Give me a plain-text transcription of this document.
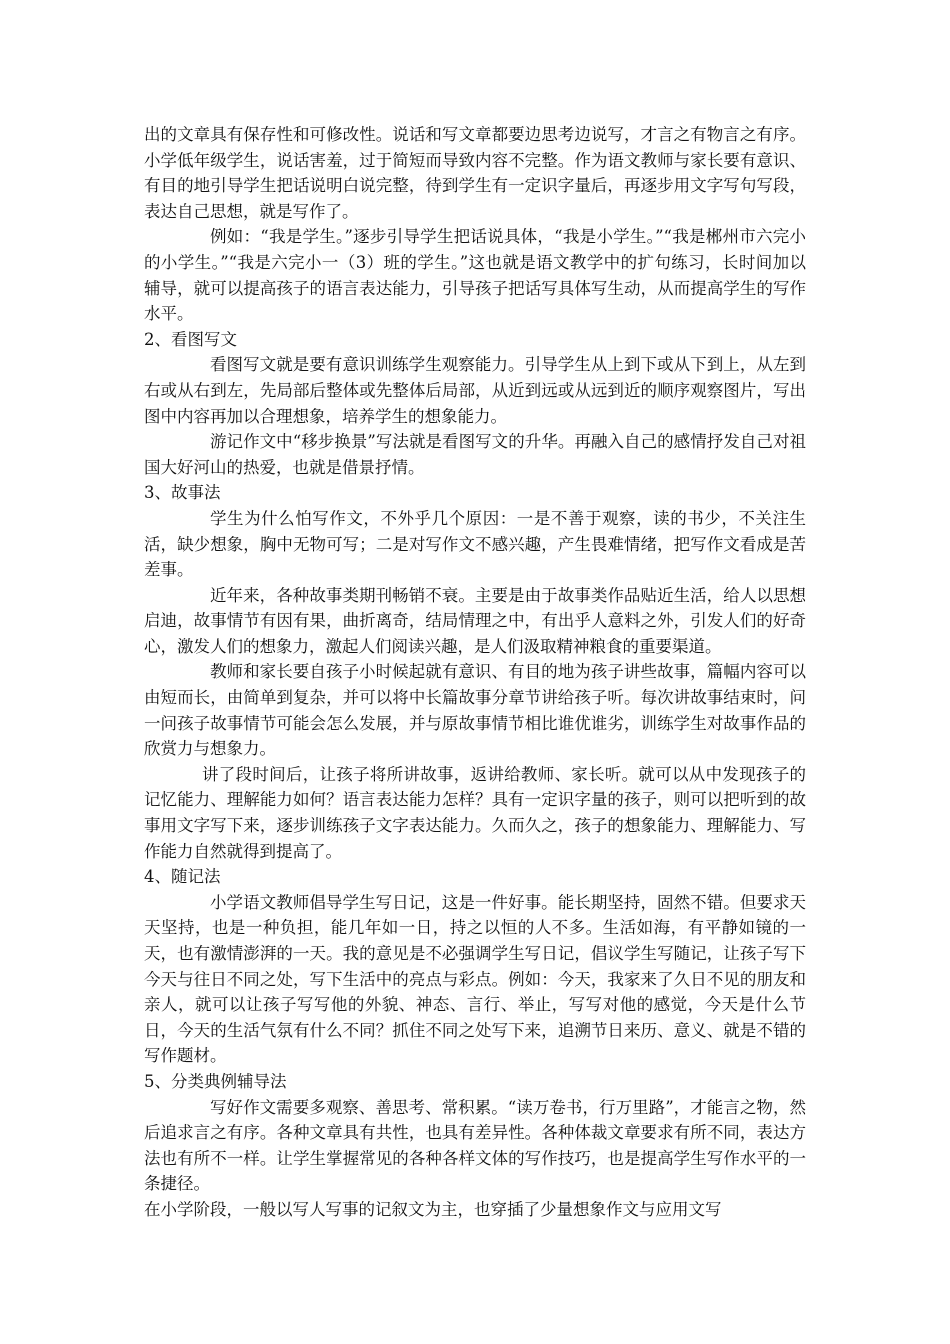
出的文章具有保存性和可修改性。说话和写文章都要边思考边说写，才言之有物言之有序。小学低年级学生，说话害羞，过于简短而导致内容不完整。作为语文教师与家长要有意识、有目的地引导学生把话说明白说完整，待到学生有一定识字量后，再逐步用文字写句写段，表达自己思想，就是写作了。

例如：“我是学生。”逐步引导学生把话说具体，“我是小学生。”“我是郴州市六完小的小学生。”“我是六完小一（3）班的学生。”这也就是语文教学中的扩句练习，长时间加以辅导，就可以提高孩子的语言表达能力，引导孩子把话写具体写生动，从而提高学生的写作水平。

2、看图写文

看图写文就是要有意识训练学生观察能力。引导学生从上到下或从下到上，从左到右或从右到左，先局部后整体或先整体后局部，从近到远或从远到近的顺序观察图片，写出图中内容再加以合理想象，培养学生的想象能力。

游记作文中“移步换景”写法就是看图写文的升华。再融入自己的感情抒发自己对祖国大好河山的热爱，也就是借景抒情。

3、故事法

学生为什么怕写作文，不外乎几个原因：一是不善于观察，读的书少，不关注生活，缺少想象，胸中无物可写；二是对写作文不感兴趣，产生畏难情绪，把写作文看成是苦差事。

近年来，各种故事类期刊畅销不衰。主要是由于故事类作品贴近生活，给人以思想启迪，故事情节有因有果，曲折离奇，结局情理之中，有出乎人意料之外，引发人们的好奇心，激发人们的想象力，激起人们阅读兴趣，是人们汲取精神粮食的重要渠道。

教师和家长要自孩子小时候起就有意识、有目的地为孩子讲些故事，篇幅内容可以由短而长，由简单到复杂，并可以将中长篇故事分章节讲给孩子听。每次讲故事结束时，问一问孩子故事情节可能会怎么发展，并与原故事情节相比谁优谁劣，训练学生对故事作品的欣赏力与想象力。

讲了段时间后，让孩子将所讲故事，返讲给教师、家长听。就可以从中发现孩子的记忆能力、理解能力如何？语言表达能力怎样？具有一定识字量的孩子，则可以把听到的故事用文字写下来，逐步训练孩子文字表达能力。久而久之，孩子的想象能力、理解能力、写作能力自然就得到提高了。

4、随记法

小学语文教师倡导学生写日记，这是一件好事。能长期坚持，固然不错。但要求天天坚持，也是一种负担，能几年如一日，持之以恒的人不多。生活如海，有平静如镜的一天，也有激情澎湃的一天。我的意见是不必强调学生写日记，倡议学生写随记，让孩子写下今天与往日不同之处，写下生活中的亮点与彩点。例如：今天，我家来了久日不见的朋友和亲人，就可以让孩子写写他的外貌、神态、言行、举止，写写对他的感觉，今天是什么节日，今天的生活气氛有什么不同？抓住不同之处写下来，追溯节日来历、意义、就是不错的写作题材。

5、分类典例辅导法

写好作文需要多观察、善思考、常积累。“读万卷书，行万里路”，才能言之物，然后追求言之有序。各种文章具有共性，也具有差异性。各种体裁文章要求有所不同，表达方法也有所不一样。让学生掌握常见的各种各样文体的写作技巧，也是提高学生写作水平的一条捷径。

在小学阶段，一般以写人写事的记叙文为主，也穿插了少量想象作文与应用文写
